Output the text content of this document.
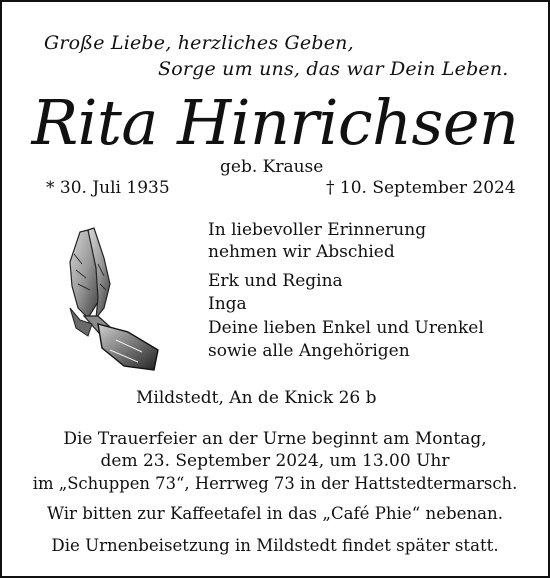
Große Liebe, herzliches Geben,
Sorge um uns, das war Dein Leben.
Rita Hinrichsen
geb. Krause
* 30. Juli 1935	† 10. September 2024
In liebevoller Erinnerung
nehmen wir Abschied
Erk und Regina
Inga
Deine lieben Enkel und Urenkel
sowie alle Angehörigen
Mildstedt, An de Knick 26 b
Die Trauerfeier an der Urne beginnt am Montag,
dem 23. September 2024, um 13.00 Uhr
im „Schuppen 73“, Herrweg 73 in der Hattstedtermarsch.
Wir bitten zur Kaffeetafel in das „Café Phie“ nebenan.
Die Urnenbeisetzung in Mildstedt findet später statt.
